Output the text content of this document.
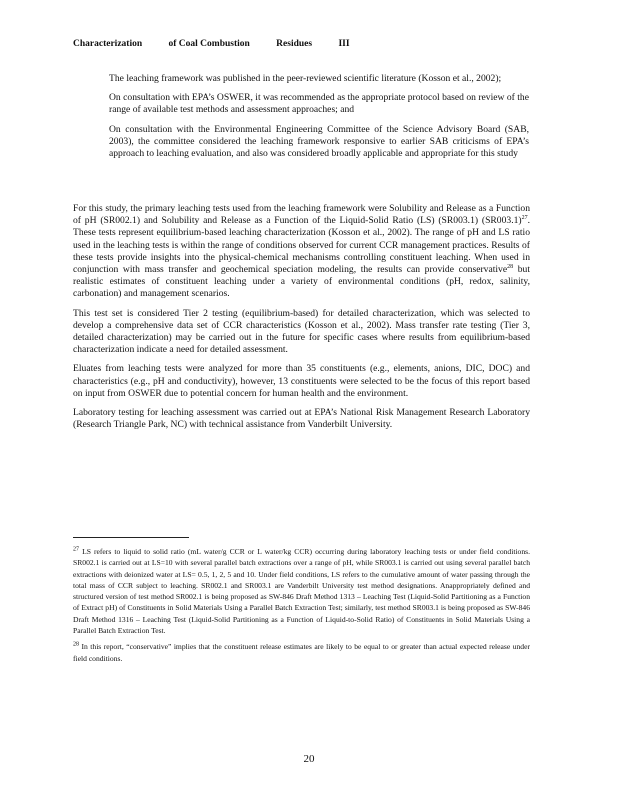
Characterization	of Coal Combustion	Residues	III

The leaching framework was published in the peer-reviewed scientific literature (Kosson et al., 2002);

On consultation with EPA’s OSWER, it was recommended as the appropriate protocol based on review of the range of available test methods and assessment approaches; and

On consultation with the Environmental Engineering Committee of the Science Advisory Board (SAB, 2003), the committee considered the leaching framework responsive to earlier SAB criticisms of EPA’s approach to leaching evaluation, and also was considered broadly applicable and appropriate for this study

For this study, the primary leaching tests used from the leaching framework were Solubility and Release as a Function of pH (SR002.1) and Solubility and Release as a Function of the Liquid-Solid Ratio (LS) (SR003.1) $(SR003.1)^{27}$. These tests represent equilibrium-based leaching characterization (Kosson et al., 2002). The range of pH and LS ratio used in the leaching tests is within the range of conditions observed for current CCR management practices. Results of these tests provide insights into the physical-chemical mechanisms controlling constituent leaching. When used in conjunction with mass transfer and geochemical speciation modeling, the results can provide conservative$^{28}$ but realistic estimates of constituent leaching under a variety of environmental conditions (pH, redox, salinity, carbonation) and management scenarios.

This test set is considered Tier 2 testing (equilibrium-based) for detailed characterization, which was selected to develop a comprehensive data set of CCR characteristics (Kosson et al., 2002). Mass transfer rate testing (Tier 3, detailed characterization) may be carried out in the future for specific cases where results from equilibrium-based characterization indicate a need for detailed assessment.

Eluates from leaching tests were analyzed for more than 35 constituents (e.g., elements, anions, DIC, DOC) and characteristics (e.g., pH and conductivity), however, 13 constituents were selected to be the focus of this report based on input from OSWER due to potential concern for human health and the environment.

Laboratory testing for leaching assessment was carried out at EPA’s National Risk Management Research Laboratory (Research Triangle Park, NC) with technical assistance from Vanderbilt University.

$^{27}$ LS refers to liquid to solid ratio (mL water/g CCR or L water/kg CCR) occurring during laboratory leaching tests or under field conditions. SR002.1 is carried out at LS=10 with several parallel batch extractions over a range of pH, while SR003.1 is carried out using several parallel batch extractions with deionized water at LS= 0.5, 1, 2, 5 and 10. Under field conditions, LS refers to the cumulative amount of water passing through the total mass of CCR subject to leaching. SR002.1 and SR003.1 are Vanderbilt University test method designations. Anappropriately defined and structured version of test method SR002.1 is being proposed as SW-846 Draft Method 1313 – Leaching Test (Liquid-Solid Partitioning as a Function of Extract pH) of Constituents in Solid Materials Using a Parallel Batch Extraction Test; similarly, test method SR003.1 is being proposed as SW-846 Draft Method 1316 – Leaching Test (Liquid-Solid Partitioning as a Function of Liquid-to-Solid Ratio) of Constituents in Solid Materials Using a Parallel Batch Extraction Test.

$^{28}$ In this report, “conservative” implies that the constituent release estimates are likely to be equal to or greater than actual expected release under field conditions.

20
